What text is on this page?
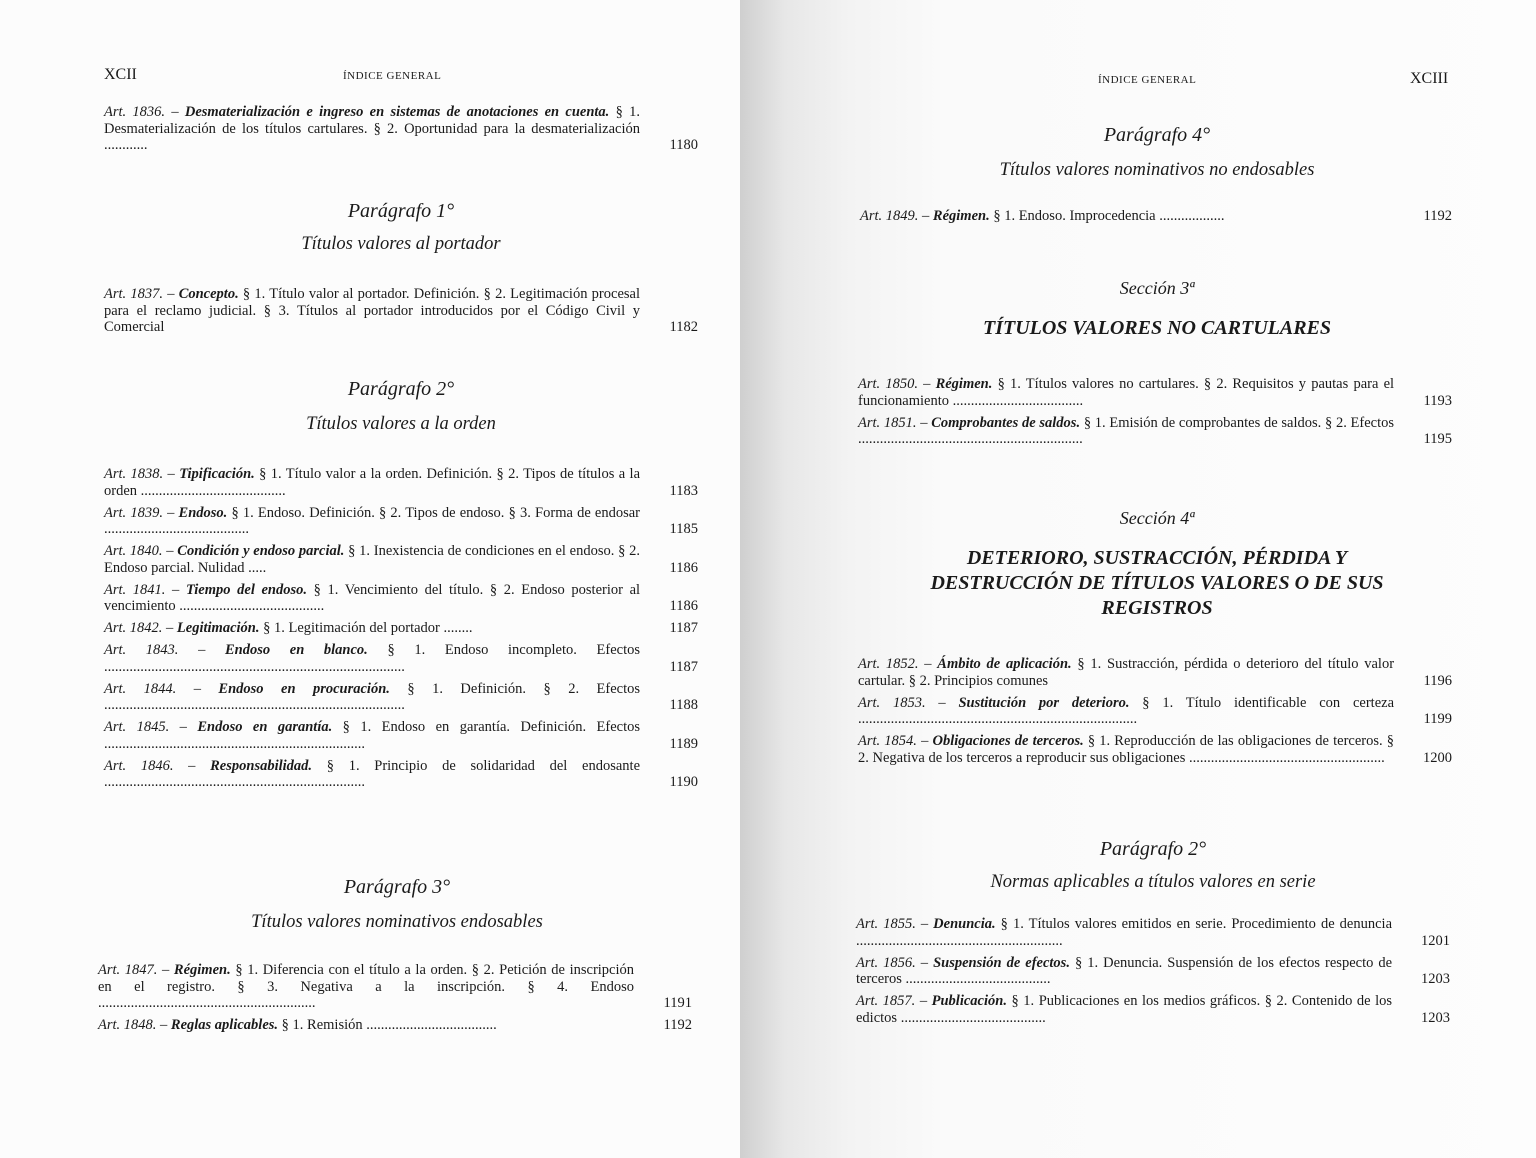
XCII	ÍNDICE GENERAL
Art. 1836. – Desmaterialización e ingreso en sistemas de anotaciones en cuenta. § 1. Desmaterialización de los títulos cartulares. § 2. Oportunidad para la desmaterialización ............	1180
Parágrafo 1°
Títulos valores al portador
Art. 1837. – Concepto. § 1. Título valor al portador. Definición. § 2. Legitimación procesal para el reclamo judicial. § 3. Títulos al portador introducidos por el Código Civil y Comercial	1182
Parágrafo 2°
Títulos valores a la orden
Art. 1838. – Tipificación. § 1. Título valor a la orden. Definición. § 2. Tipos de títulos a la orden ........................................	1183
Art. 1839. – Endoso. § 1. Endoso. Definición. § 2. Tipos de endoso. § 3. Forma de endosar ........................................	1185
Art. 1840. – Condición y endoso parcial. § 1. Inexistencia de condiciones en el endoso. § 2. Endoso parcial. Nulidad .....	1186
Art. 1841. – Tiempo del endoso. § 1. Vencimiento del título. § 2. Endoso posterior al vencimiento ........................................	1186
Art. 1842. – Legitimación. § 1. Legitimación del portador ........	1187
Art. 1843. – Endoso en blanco. § 1. Endoso incompleto. Efectos ...................................................................................	1187
Art. 1844. – Endoso en procuración. § 1. Definición. § 2. Efectos ...................................................................................	1188
Art. 1845. – Endoso en garantía. § 1. Endoso en garantía. Definición. Efectos ........................................................................	1189
Art. 1846. – Responsabilidad. § 1. Principio de solidaridad del endosante ........................................................................	1190
Parágrafo 3°
Títulos valores nominativos endosables
Art. 1847. – Régimen. § 1. Diferencia con el título a la orden. § 2. Petición de inscripción en el registro. § 3. Negativa a la inscripción. § 4. Endoso ............................................................	1191
Art. 1848. – Reglas aplicables. § 1. Remisión ....................................	1192
ÍNDICE GENERAL	XCIII
Parágrafo 4°
Títulos valores nominativos no endosables
Art. 1849. – Régimen. § 1. Endoso. Improcedencia ..................	1192
Sección 3ª
TÍTULOS VALORES NO CARTULARES
Art. 1850. – Régimen. § 1. Títulos valores no cartulares. § 2. Requisitos y pautas para el funcionamiento ....................................	1193
Art. 1851. – Comprobantes de saldos. § 1. Emisión de comprobantes de saldos. § 2. Efectos ..............................................................	1195
Sección 4ª
DETERIORO, SUSTRACCIÓN, PÉRDIDA Y DESTRUCCIÓN DE TÍTULOS VALORES O DE SUS REGISTROS
Art. 1852. – Ámbito de aplicación. § 1. Sustracción, pérdida o deterioro del título valor cartular. § 2. Principios comunes	1196
Art. 1853. – Sustitución por deterioro. § 1. Título identificable con certeza .............................................................................	1199
Art. 1854. – Obligaciones de terceros. § 1. Reproducción de las obligaciones de terceros. § 2. Negativa de los terceros a reproducir sus obligaciones ......................................................	1200
Parágrafo 2°
Normas aplicables a títulos valores en serie
Art. 1855. – Denuncia. § 1. Títulos valores emitidos en serie. Procedimiento de denuncia .........................................................	1201
Art. 1856. – Suspensión de efectos. § 1. Denuncia. Suspensión de los efectos respecto de terceros ........................................	1203
Art. 1857. – Publicación. § 1. Publicaciones en los medios gráficos. § 2. Contenido de los edictos ........................................	1203
